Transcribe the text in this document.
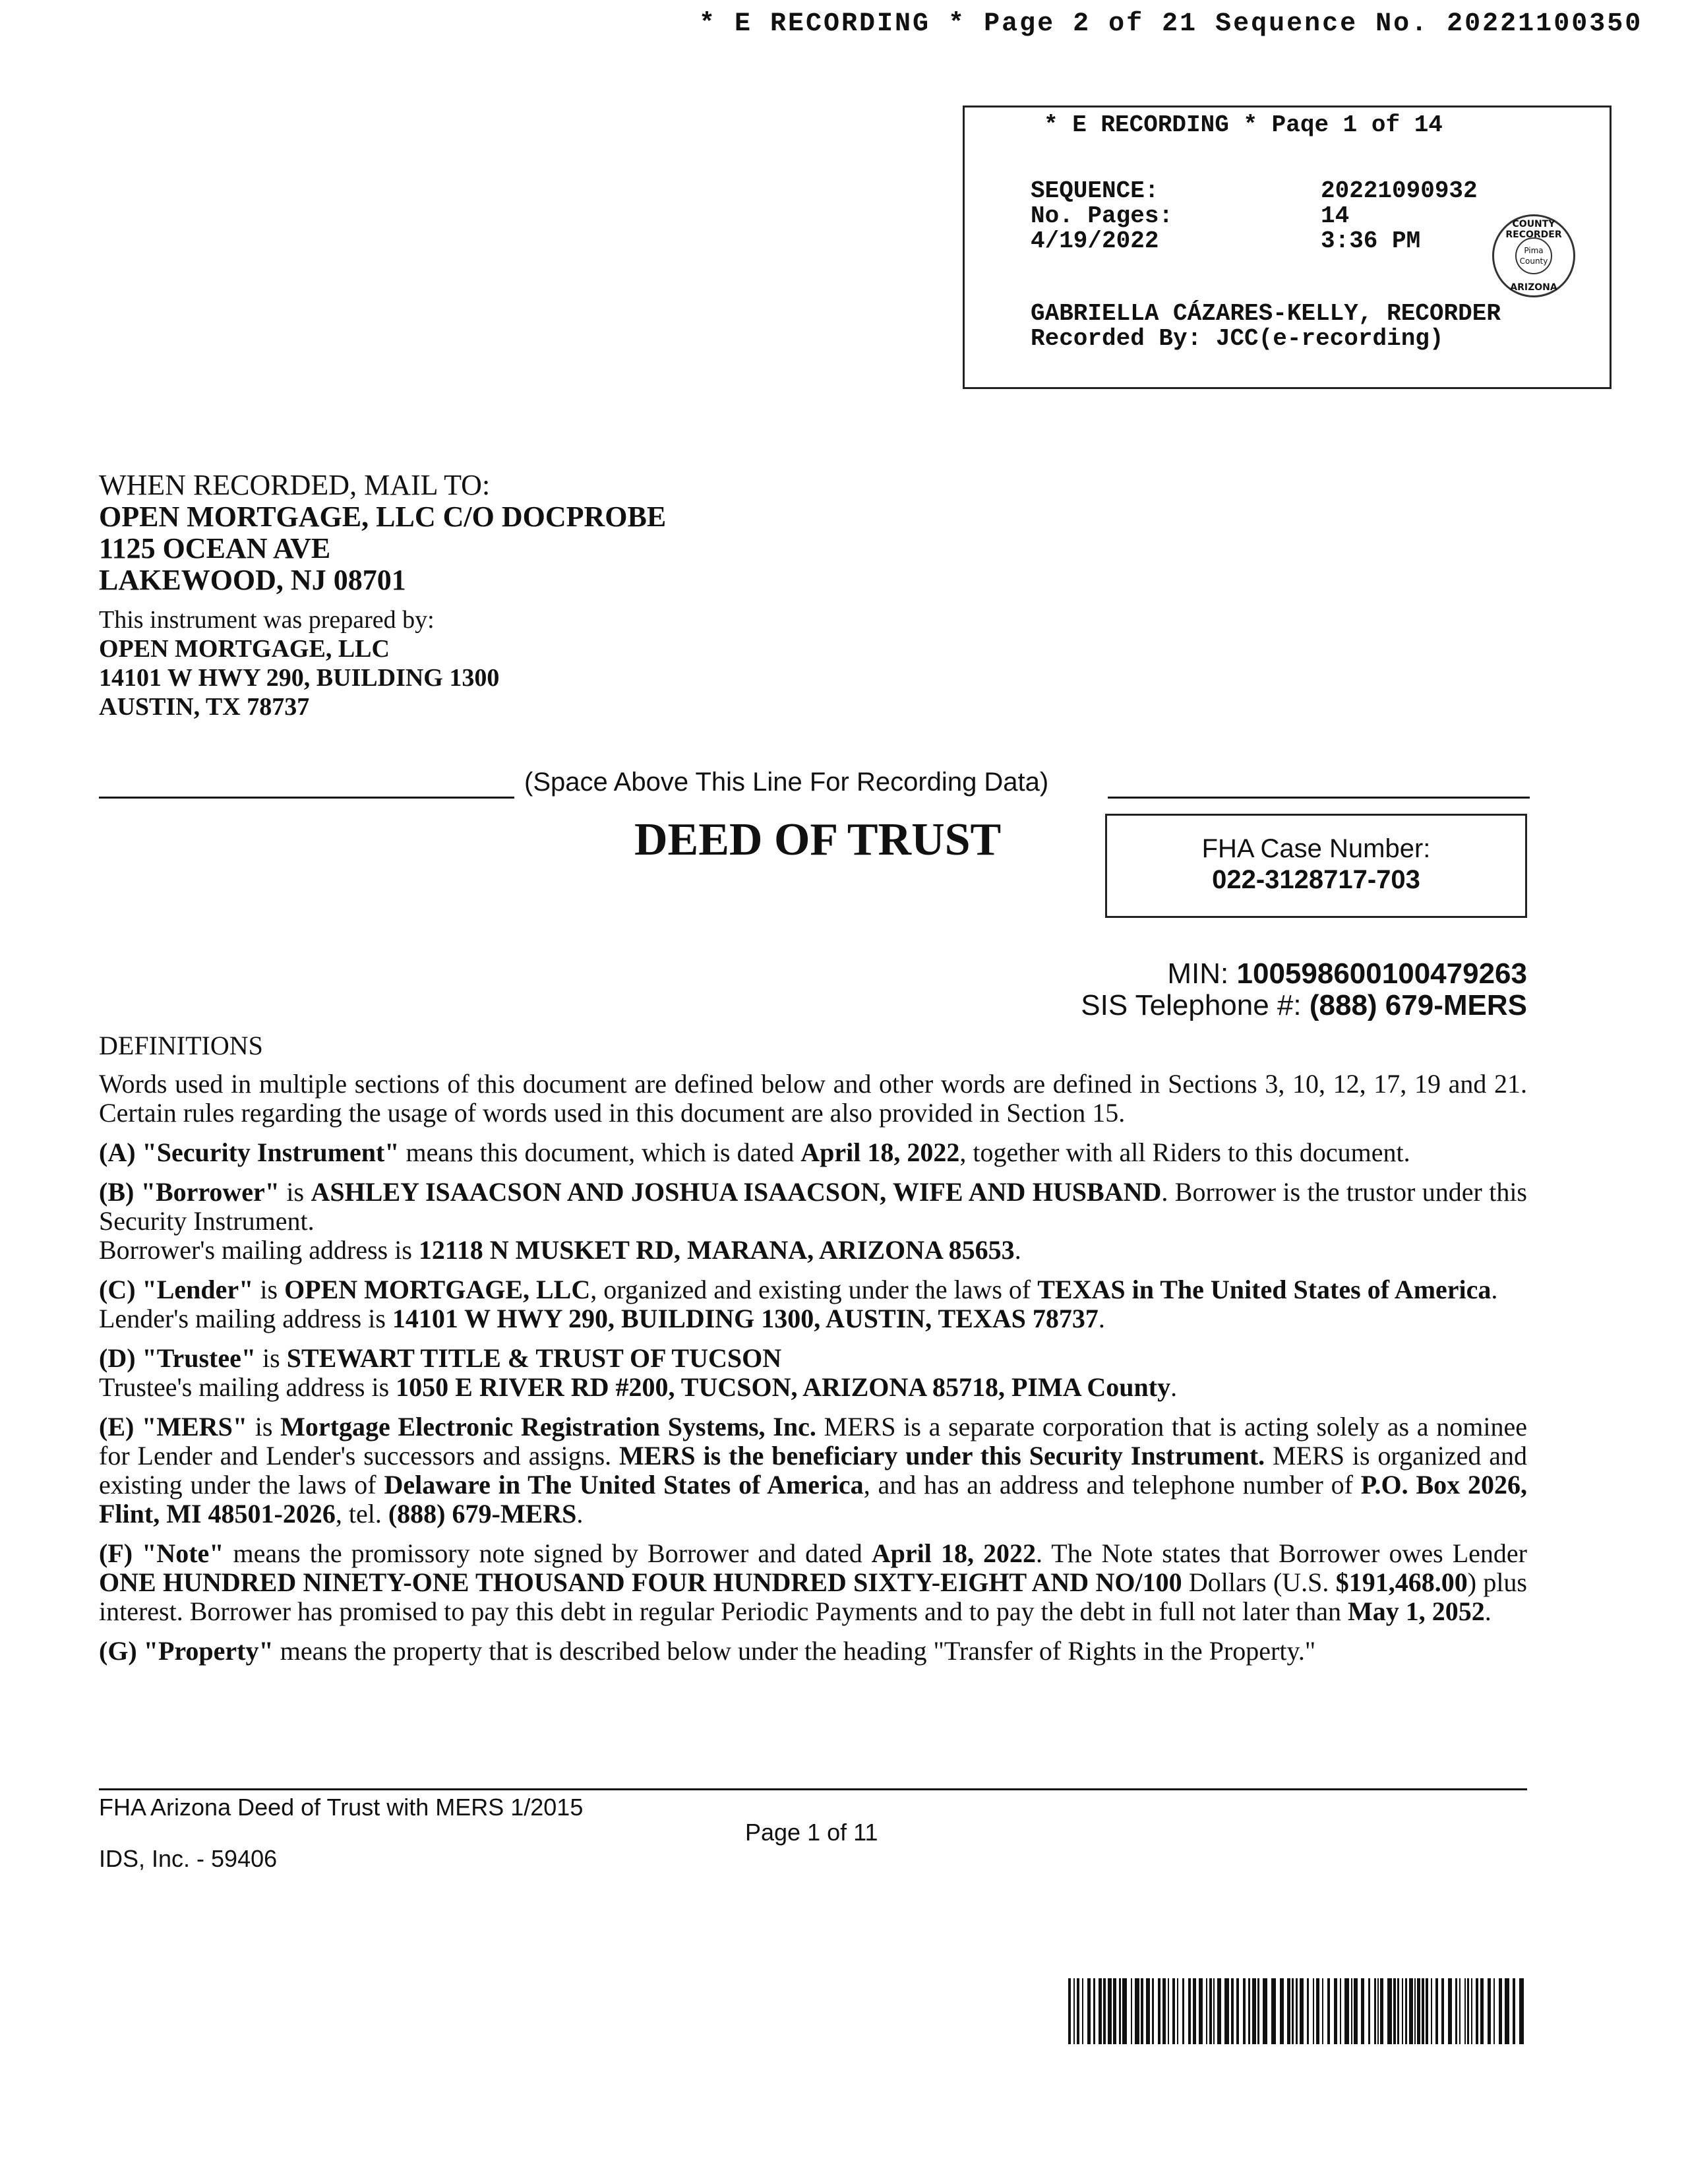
* E RECORDING * Page 2 of 21 Sequence No. 20221100350
* E RECORDING * Paqe 1 of 14
SEQUENCE:	20221090932
No. Pages:	14
4/19/2022	3:36 PM
COUNTY RECORDER
Pima County
ARIZONA
GABRIELLA CÁZARES-KELLY, RECORDER
Recorded By: JCC(e-recording)
WHEN RECORDED, MAIL TO:
OPEN MORTGAGE, LLC C/O DOCPROBE
1125 OCEAN AVE
LAKEWOOD, NJ 08701
This instrument was prepared by:
OPEN MORTGAGE, LLC
14101 W HWY 290, BUILDING 1300
AUSTIN, TX 78737
(Space Above This Line For Recording Data)
DEED OF TRUST	FHA Case Number:
022-3128717-703
MIN: 100598600100479263
SIS Telephone #: (888) 679-MERS
DEFINITIONS

Words used in multiple sections of this document are defined below and other words are defined in Sections 3, 10, 12, 17, 19 and 21. Certain rules regarding the usage of words used in this document are also provided in Section 15.

(A) "Security Instrument" means this document, which is dated April 18, 2022, together with all Riders to this document.

(B) "Borrower" is ASHLEY ISAACSON AND JOSHUA ISAACSON, WIFE AND HUSBAND. Borrower is the trustor under this Security Instrument.
Borrower's mailing address is 12118 N MUSKET RD, MARANA, ARIZONA 85653.

(C) "Lender" is OPEN MORTGAGE, LLC, organized and existing under the laws of TEXAS in The United States of America.
Lender's mailing address is 14101 W HWY 290, BUILDING 1300, AUSTIN, TEXAS 78737.

(D) "Trustee" is STEWART TITLE & TRUST OF TUCSON
Trustee's mailing address is 1050 E RIVER RD #200, TUCSON, ARIZONA 85718, PIMA County.

(E) "MERS" is Mortgage Electronic Registration Systems, Inc. MERS is a separate corporation that is acting solely as a nominee for Lender and Lender's successors and assigns. MERS is the beneficiary under this Security Instrument. MERS is organized and existing under the laws of Delaware in The United States of America, and has an address and telephone number of P.O. Box 2026, Flint, MI 48501-2026, tel. (888) 679-MERS.

(F) "Note" means the promissory note signed by Borrower and dated April 18, 2022. The Note states that Borrower owes Lender ONE HUNDRED NINETY-ONE THOUSAND FOUR HUNDRED SIXTY-EIGHT AND NO/100 Dollars (U.S. $191,468.00) plus interest. Borrower has promised to pay this debt in regular Periodic Payments and to pay the debt in full not later than May 1, 2052.

(G) "Property" means the property that is described below under the heading "Transfer of Rights in the Property."

FHA Arizona Deed of Trust with MERS 1/2015
Page 1 of 11
IDS, Inc. - 59406
